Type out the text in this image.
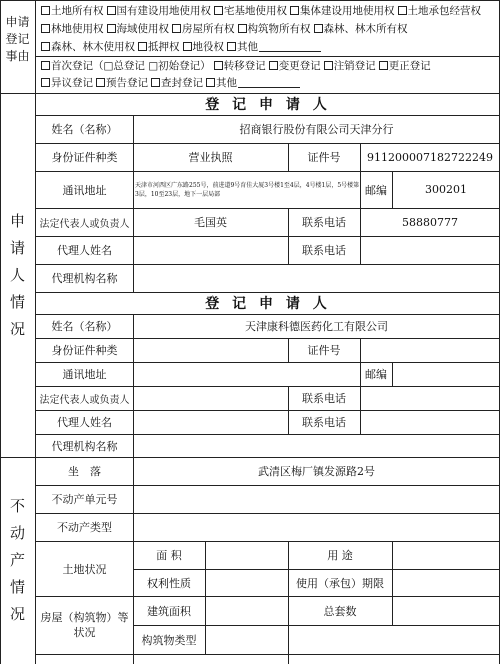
申请登记事由
土地所有权 国有建设用地使用权 宅基地使用权 集体建设用地使用权 土地承包经营权
林地使用权 海域使用权 房屋所有权 构筑物所有权 森林、林木所有权
森林、林木使用权 抵押权 地役权 其他
首次登记（□总登记 □初始登记） 转移登记 变更登记 注销登记 更正登记
异议登记 预告登记 查封登记 其他
申请人情况
登 记 申 请 人
姓名（名称）	招商银行股份有限公司天津分行
身份证件种类	营业执照	证件号	911200007182722249
通讯地址	天津市河西区广东路255号，前进道9号育佳大厦3号楼1至4层，4号楼1层，5号楼第3层，10至23层，地下一层局部	邮编	300201
法定代表人或负责人	毛国英	联系电话	58880777
代理人姓名	联系电话
代理机构名称
登 记 申 请 人
姓名（名称）	天津康科德医药化工有限公司
身份证件种类	证件号
通讯地址	邮编
法定代表人或负责人	联系电话
代理人姓名	联系电话
代理机构名称
不动产情况
坐　落	武清区梅厂镇发源路2号
不动产单元号
不动产类型
土地状况
面 积	用 途
权利性质	使用（承包）期限
房屋（构筑物）等状况
建筑面积	总套数
构筑物类型
